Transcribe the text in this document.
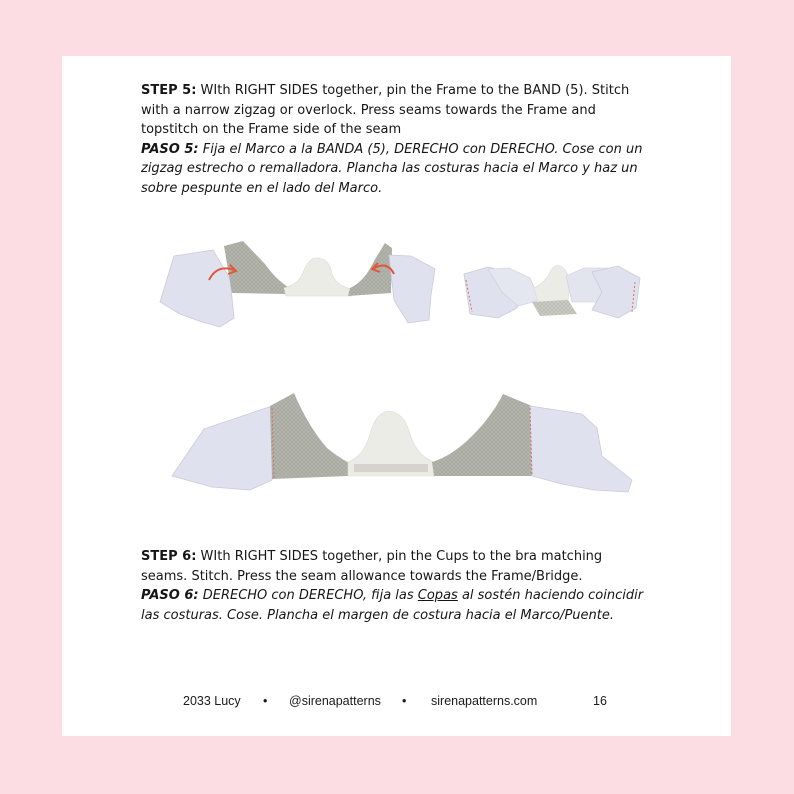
STEP 5: WIth RIGHT SIDES together, pin the Frame to the BAND (5). Stitch with a narrow zigzag or overlock. Press seams towards the Frame and topstitch on the Frame side of the seam
PASO 5: Fija el Marco a la BANDA (5), DERECHO con DERECHO. Cose con un zigzag estrecho o remalladora. Plancha las costuras hacia el Marco y haz un sobre pespunte en el lado del Marco.
STEP 6: WIth RIGHT SIDES together, pin the Cups to the bra matching seams. Stitch. Press the seam allowance towards the Frame/Bridge.
PASO 6: DERECHO con DERECHO, fija las Copas al sostén haciendo coincidir las costuras. Cose. Plancha el margen de costura hacia el Marco/Puente.
2033 Lucy • @sirenapatterns • sirenapatterns.com	16
